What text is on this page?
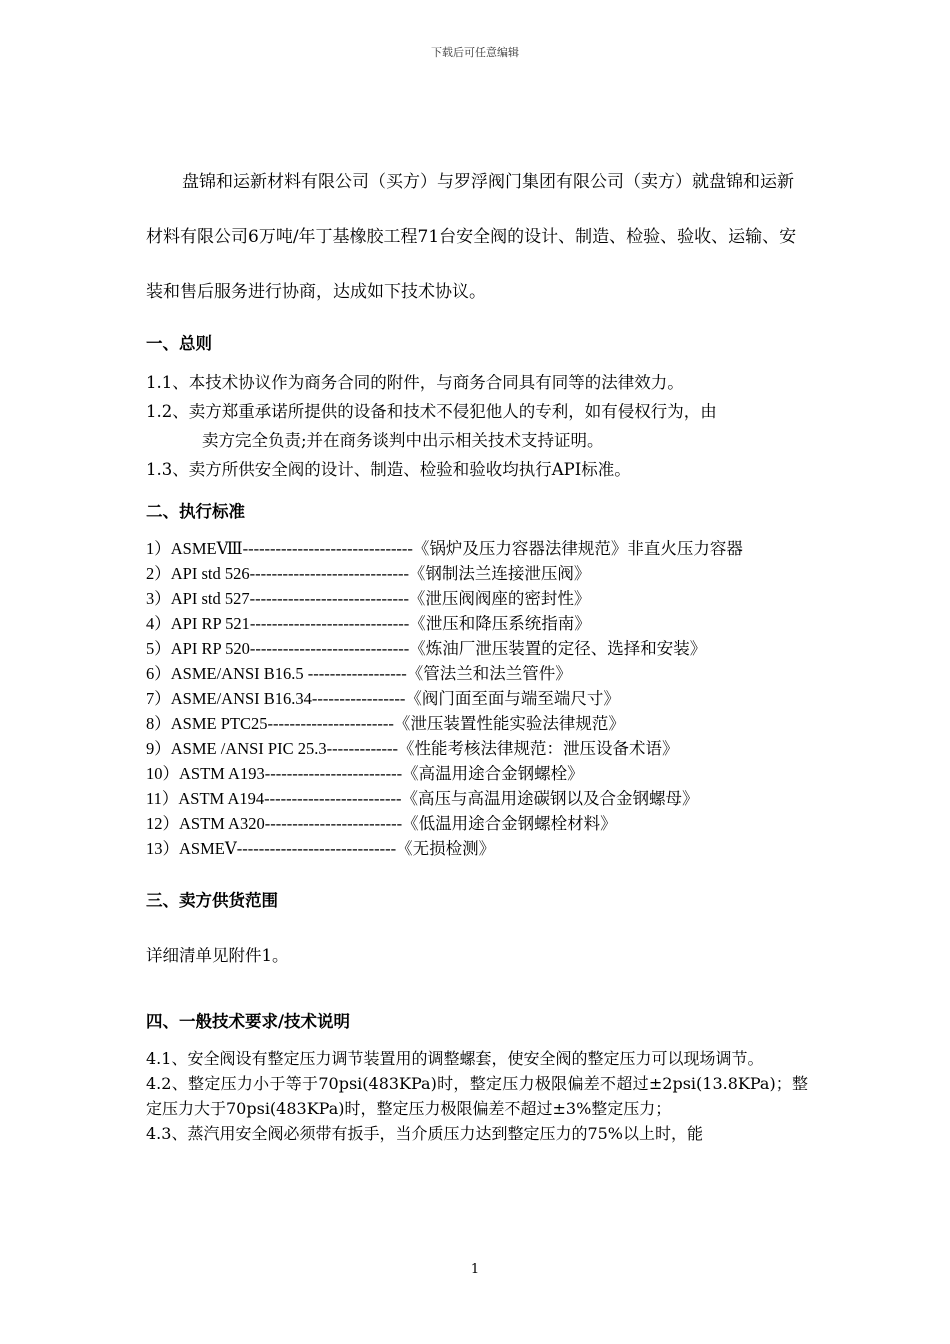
下载后可任意编辑

盘锦和运新材料有限公司（买方）与罗浮阀门集团有限公司（卖方）就盘锦和运新材料有限公司6万吨/年丁基橡胶工程71台安全阀的设计、制造、检验、验收、运输、安装和售后服务进行协商，达成如下技术协议。

一、总则

1.1、本技术协议作为商务合同的附件，与商务合同具有同等的法律效力。

1.2、卖方郑重承诺所提供的设备和技术不侵犯他人的专利，如有侵权行为，由

卖方完全负责;并在商务谈判中出示相关技术支持证明。

1.3、卖方所供安全阀的设计、制造、检验和验收均执行API标准。

二、执行标准

1）ASMEⅧ-------------------------------《锅炉及压力容器法律规范》非直火压力容器

2）API std 526-----------------------------《钢制法兰连接泄压阀》

3）API std 527-----------------------------《泄压阀阀座的密封性》

4）API RP 521-----------------------------《泄压和降压系统指南》

5）API RP 520-----------------------------《炼油厂泄压装置的定径、选择和安装》

6）ASME/ANSI B16.5 ------------------《管法兰和法兰管件》

7）ASME/ANSI B16.34-----------------《阀门面至面与端至端尺寸》

8）ASME PTC25-----------------------《泄压装置性能实验法律规范》

9）ASME /ANSI PIC 25.3-------------《性能考核法律规范：泄压设备术语》

10）ASTM A193-------------------------《高温用途合金钢螺栓》

11）ASTM A194-------------------------《高压与高温用途碳钢以及合金钢螺母》

12）ASTM A320-------------------------《低温用途合金钢螺栓材料》

13）ASMEⅤ-----------------------------《无损检测》

三、卖方供货范围

详细清单见附件1。

四、一般技术要求/技术说明

4.1、安全阀设有整定压力调节装置用的调整螺套，使安全阀的整定压力可以现场调节。

4.2、整定压力小于等于70psi(483KPa)时，整定压力极限偏差不超过±2psi(13.8KPa)；整定压力大于70psi(483KPa)时，整定压力极限偏差不超过±3%整定压力；

4.3、蒸汽用安全阀必须带有扳手，当介质压力达到整定压力的75%以上时，能

1
